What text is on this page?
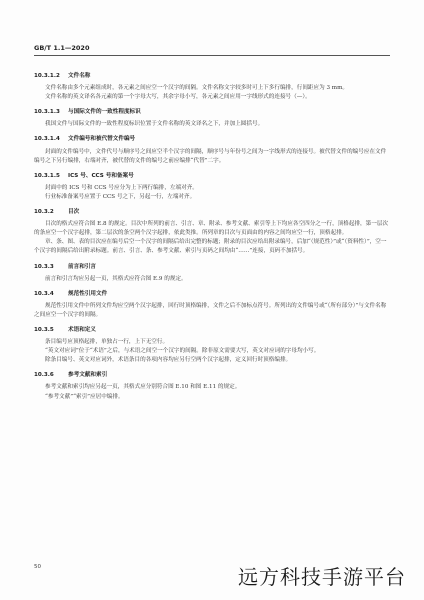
GB/T 1.1—2020
10.3.1.2 文件名称

文件名称由多个元素组成时，各元素之间应空一个汉字的间隔。文件名称文字较多时可上下多行编排，行间距应为 3 mm。

文件名称的英文译名各元素的第一个字母大写，其余字母小写，各元素之间应用一字线形式的连接号（—）。

10.3.1.3 与国际文件的一致性程度标识

我国文件与国际文件的一致性程度标识位置于文件名称的英文译名之下，并加上圆括号。

10.3.1.4 文件编号和被代替文件编号

封面的文件编号中，文件代号与顺序号之间应空半个汉字的间隔，顺序号与年份号之间为一字线形式的连接号。被代替文件的编号应在文件编号之下另行编排，右端对齐，被代替的文件的编号之前应编排“代替”二字。

10.3.1.5 ICS 号、CCS 号和备案号

封面中的 ICS 号和 CCS 号应分为上下两行编排，左端对齐。

行业标准备案号应置于 CCS 号之下，另起一行，左端对齐。

10.3.2	目次

目次的格式应符合图 E.8 的规定。目次中所列的前言、引言、章、附录、参考文献、索引等上下均应各空四分之一行，顶格起排，第一层次的条应空一个汉字起排，第二层次的条空两个汉字起排，依此类推。所列章的目次与页面由的内容之间均应空一行，顶格起排。

章、条、图、表的目次应在编号后空一个汉字的间隔后给出完整的标题；附录的目次应给出附录编号，后加“（规范性）”或“（资料性）”，空一个汉字的间隔后给出附录标题。前言、引言、条、参考文献、索引与页码之间均由“……”连接，页码不加括号。

10.3.3	前言和引言

前言和引言均应另起一页，其格式应符合图 E.9 的规定。

10.3.4	规范性引用文件

规范性引用文件中所列文件均应空两个汉字起排，回行时顶格编排，文件之后不加标点符号。所列出的文件编号或“（所有部分）”与文件名称之间应空一个汉字的间隔。

10.3.5	术语和定义

条目编号应顶格起排，单独占一行，上下无空行。

“英文对应词”位于“术语”之后，与术语之间空一个汉字的间隔。除非原文需要大写，英文对应词的字母均小写。

除条目编号、英文对应词外，术语条目的各项内容均应另行空两个汉字起排，定义回行时顶格编排。

10.3.6	参考文献和索引

参考文献和索引均应另起一页，其格式应分别符合图 E.10 和图 E.11 的规定。

“参考文献”“索引”应居中编排。

50	远方科技手游平台
